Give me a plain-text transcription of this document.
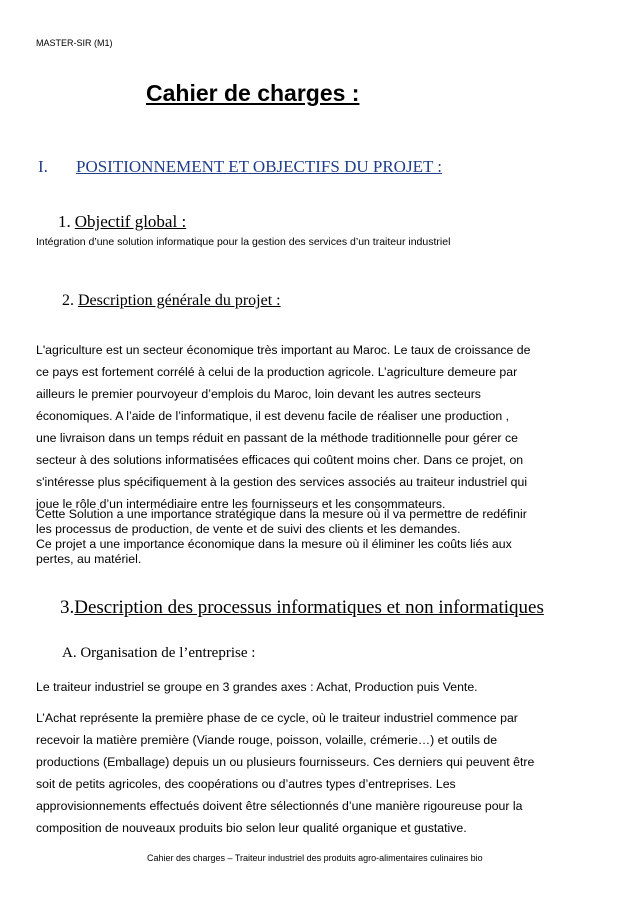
MASTER-SIR (M1)
Cahier de charges :
I. POSITIONNEMENT ET OBJECTIFS DU PROJET :
1. Objectif global :
Intégration d’une solution informatique pour la gestion des services d’un traiteur industriel
2. Description générale du projet :
L'agriculture est un secteur économique très important au Maroc. Le taux de croissance de
ce pays est fortement corrélé à celui de la production agricole. L’agriculture demeure par
ailleurs le premier pourvoyeur d’emplois du Maroc, loin devant les autres secteurs
économiques. A l’aide de l’informatique, il est devenu facile de réaliser une production ,
une livraison dans un temps réduit en passant de la méthode traditionnelle pour gérer ce
secteur à des solutions informatisées efficaces qui coûtent moins cher. Dans ce projet, on
s'intéresse plus spécifiquement à la gestion des services associés au traiteur industriel qui
joue le rôle d’un intermédiaire entre les fournisseurs et les consommateurs.
Cette Solution a une importance stratégique dans la mesure où il va permettre de redéfinir
les processus de production, de vente et de suivi des clients et les demandes.
Ce projet a une importance économique dans la mesure où il éliminer les coûts liés aux
pertes, au matériel.
3.Description des processus informatiques et non informatiques
A. Organisation de l’entreprise :
Le traiteur industriel se groupe en 3 grandes axes : Achat, Production puis Vente.
L’Achat représente la première phase de ce cycle, où le traiteur industriel commence par
recevoir la matière première (Viande rouge, poisson, volaille, crémerie…) et outils de
productions (Emballage) depuis un ou plusieurs fournisseurs. Ces derniers qui peuvent être
soit de petits agricoles, des coopérations ou d’autres types d’entreprises. Les
approvisionnements effectués doivent être sélectionnés d’une manière rigoureuse pour la
composition de nouveaux produits bio selon leur qualité organique et gustative.
Cahier des charges – Traiteur industriel des produits agro-alimentaires culinaires bio
